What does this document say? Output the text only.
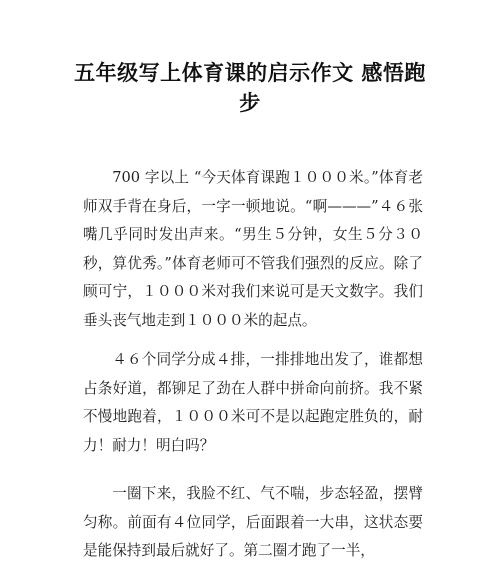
五年级写上体育课的启示作文 感悟跑步

700 字以上 “今天体育课跑１０００米。”体育老师双手背在身后，一字一顿地说。“啊———”４６张嘴几乎同时发出声来。“男生５分钟，女生５分３０秒，算优秀。”体育老师可不管我们强烈的反应。除了顾可宁，１０００米对我们来说可是天文数字。我们垂头丧气地走到１０００米的起点。

４６个同学分成４排，一排排地出发了，谁都想占条好道，都铆足了劲在人群中拼命向前挤。我不紧不慢地跑着，１０００米可不是以起跑定胜负的，耐力！耐力！明白吗？

一圈下来，我脸不红、气不喘，步态轻盈，摆臂匀称。前面有４位同学，后面跟着一大串，这状态要是能保持到最后就好了。第二圈才跑了一半，
